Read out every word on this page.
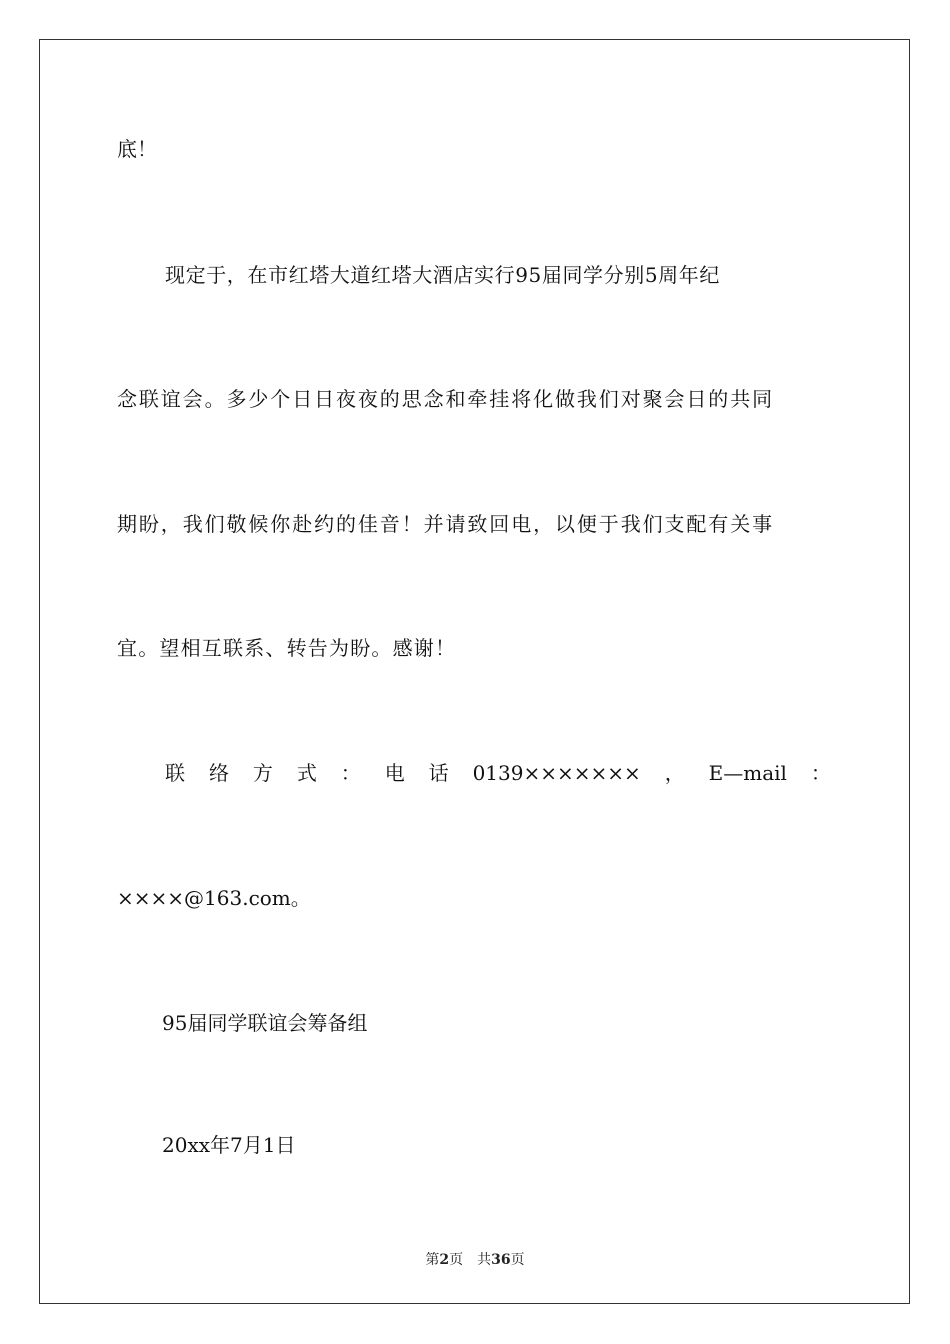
底！
现定于，在市红塔大道红塔大酒店实行95届同学分别5周年纪
念联谊会。多少个日日夜夜的思念和牵挂将化做我们对聚会日的共同
期盼，我们敬候你赴约的佳音！并请致回电，以便于我们支配有关事
宜。望相互联系、转告为盼。感谢！
联 络 方 式 ： 电 话 0139××××××× ， E—mail ：
××××@163.com。
95届同学联谊会筹备组
20xx年7月1日
第2页 共36页
